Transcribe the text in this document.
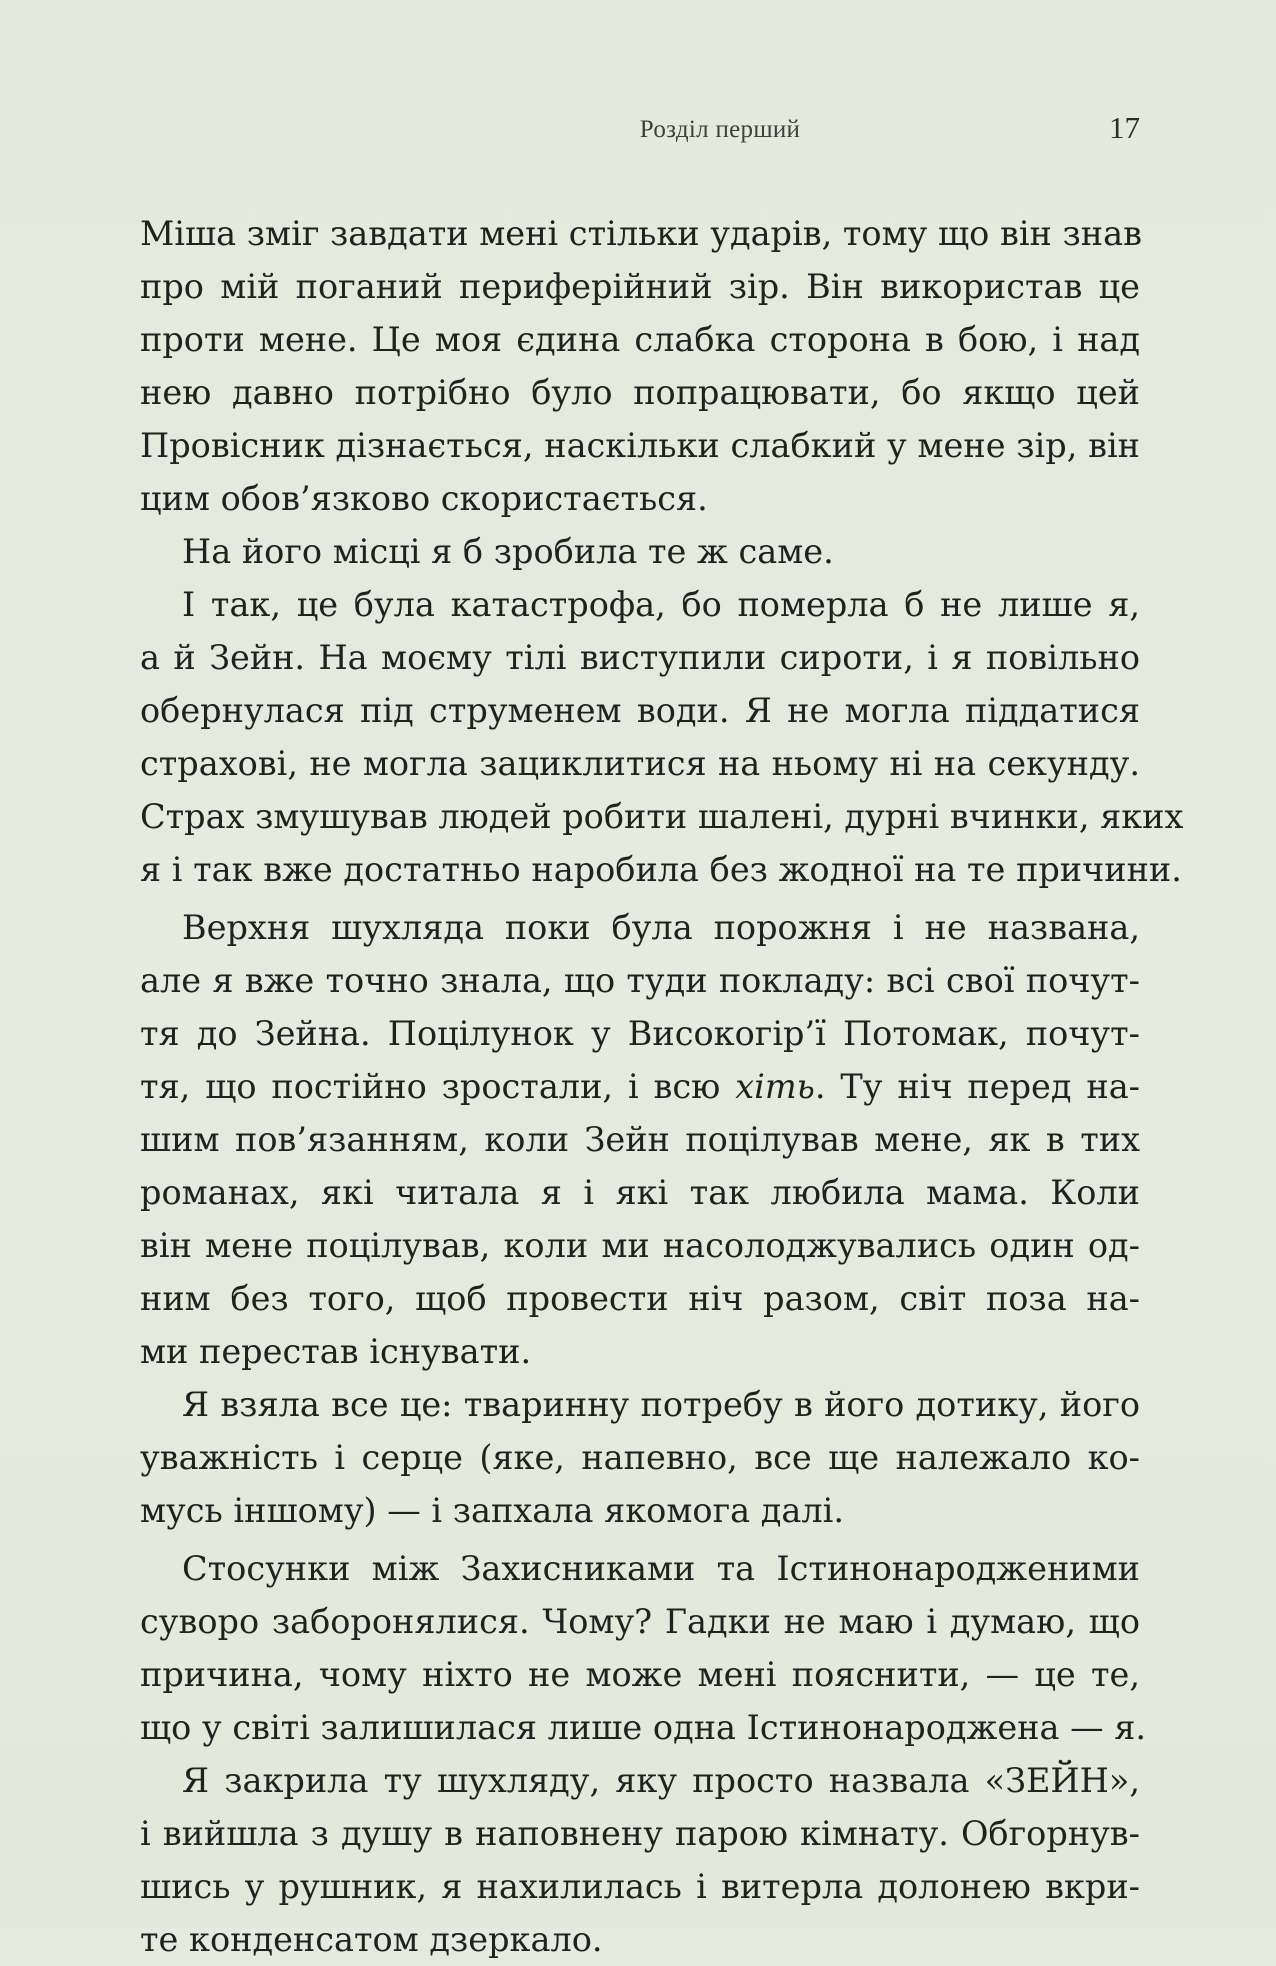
Розділ перший	17
Міша зміг завдати мені стільки ударів, тому що він знав
про мій поганий периферійний зір. Він використав це
проти мене. Це моя єдина слабка сторона в бою, і над
нею давно потрібно було попрацювати, бо якщо цей
Провісник дізнається, наскільки слабкий у мене зір, він
цим обов’язково скористається.
На його місці я б зробила те ж саме.
І так, це була катастрофа, бо померла б не лише я,
а й Зейн. На моєму тілі виступили сироти, і я повільно
обернулася під струменем води. Я не могла піддатися
страхові, не могла зациклитися на ньому ні на секунду.
Страх змушував людей робити шалені, дурні вчинки, яких
я і так вже достатньо наробила без жодної на те причини.
Верхня шухляда поки була порожня і не названа,
але я вже точно знала, що туди покладу: всі свої почут-
тя до Зейна. Поцілунок у Високогір’ї Потомак, почут-
тя, що постійно зростали, і всю хіть. Ту ніч перед на-
шим пов’язанням, коли Зейн поцілував мене, як в тих
романах, які читала я і які так любила мама. Коли
він мене поцілував, коли ми насолоджувались один од-
ним без того, щоб провести ніч разом, світ поза на-
ми перестав існувати.
Я взяла все це: тваринну потребу в його дотику, його
уважність і серце (яке, напевно, все ще належало ко-
мусь іншому) — і запхала якомога далі.
Стосунки між Захисниками та Істинонародженими
суворо заборонялися. Чому? Гадки не маю і думаю, що
причина, чому ніхто не може мені пояснити, — це те,
що у світі залишилася лише одна Істинонароджена — я.
Я закрила ту шухляду, яку просто назвала «ЗЕЙН»,
і вийшла з душу в наповнену парою кімнату. Обгорнув-
шись у рушник, я нахилилась і витерла долонею вкри-
те конденсатом дзеркало.
